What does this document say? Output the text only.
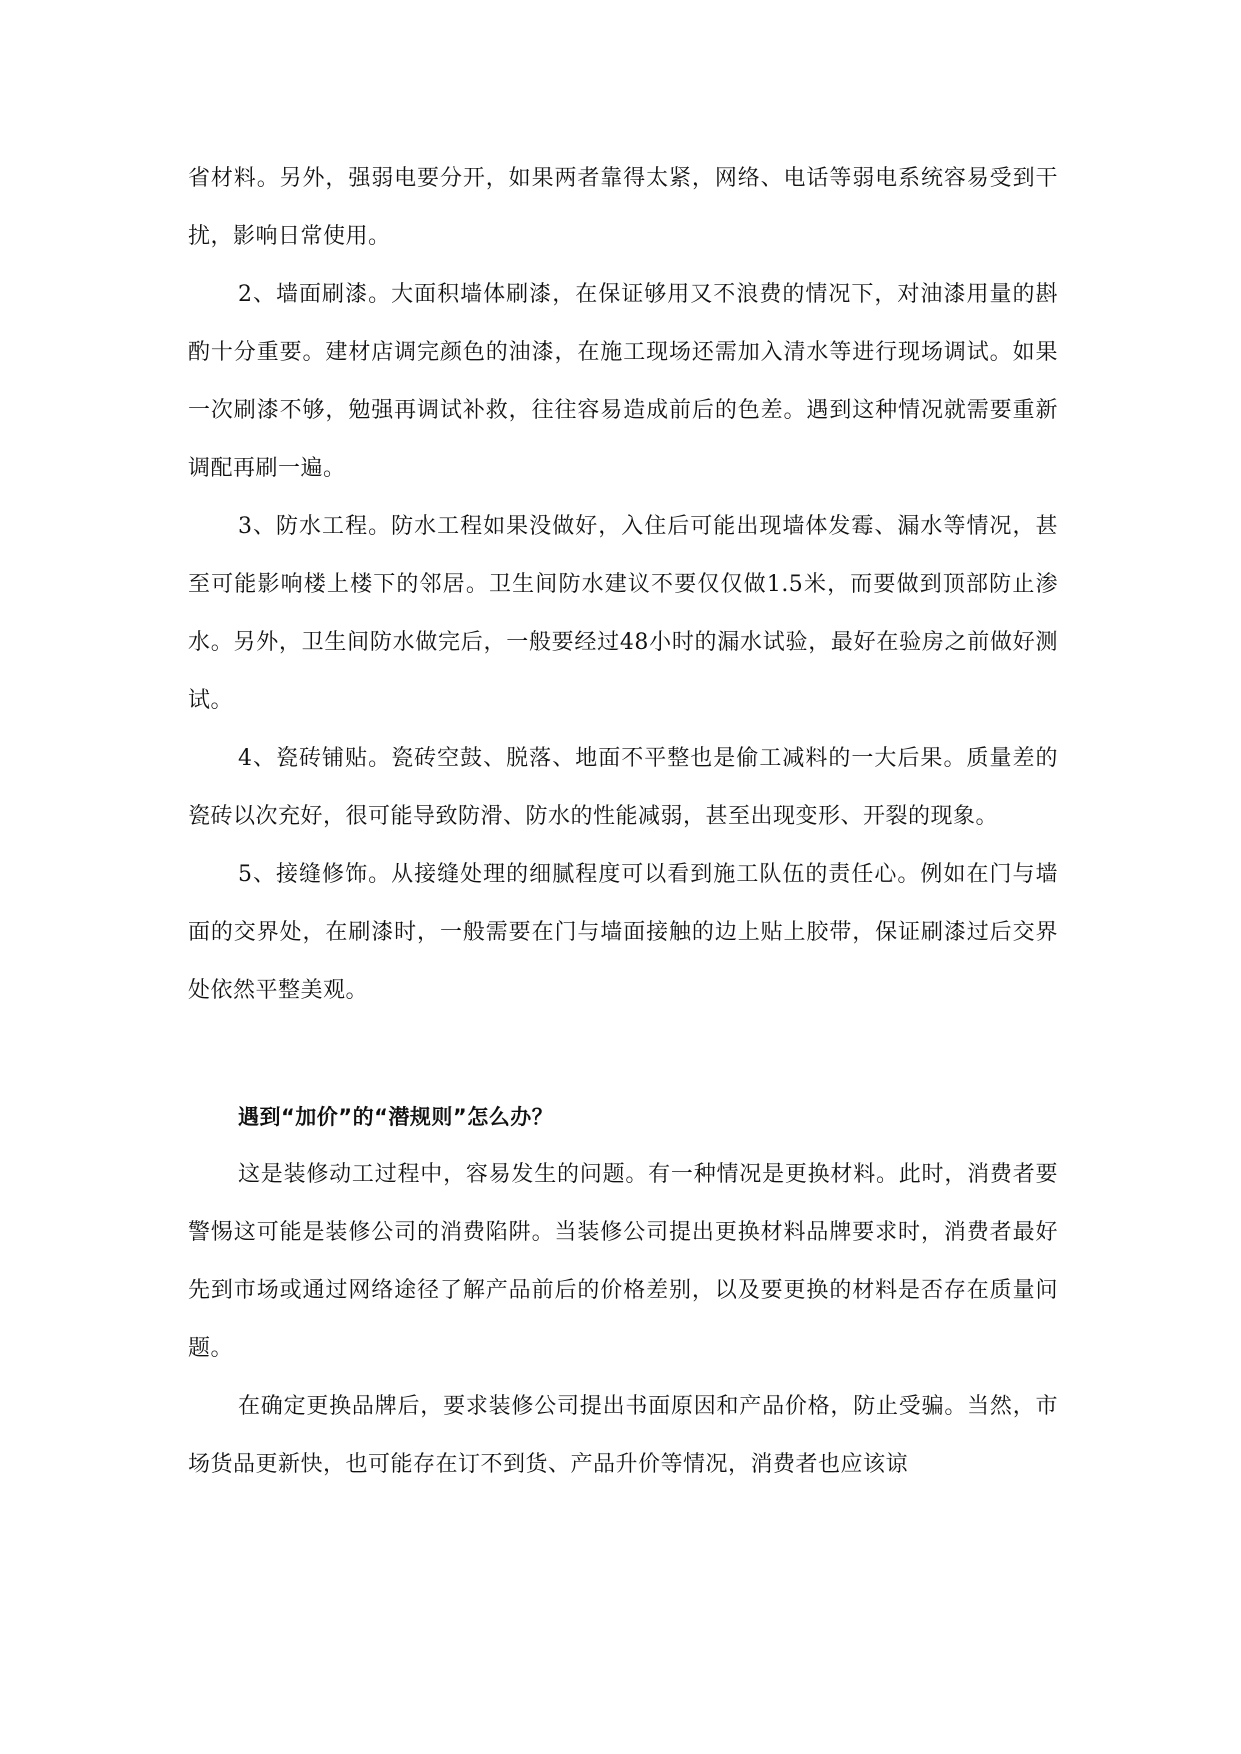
省材料。另外，强弱电要分开，如果两者靠得太紧，网络、电话等弱电系统容易受到干扰，影响日常使用。

2、墙面刷漆。大面积墙体刷漆，在保证够用又不浪费的情况下，对油漆用量的斟酌十分重要。建材店调完颜色的油漆，在施工现场还需加入清水等进行现场调试。如果一次刷漆不够，勉强再调试补救，往往容易造成前后的色差。遇到这种情况就需要重新调配再刷一遍。

3、防水工程。防水工程如果没做好，入住后可能出现墙体发霉、漏水等情况，甚至可能影响楼上楼下的邻居。卫生间防水建议不要仅仅做1.5米，而要做到顶部防止渗水。另外，卫生间防水做完后，一般要经过48小时的漏水试验，最好在验房之前做好测试。

4、瓷砖铺贴。瓷砖空鼓、脱落、地面不平整也是偷工减料的一大后果。质量差的瓷砖以次充好，很可能导致防滑、防水的性能减弱，甚至出现变形、开裂的现象。

5、接缝修饰。从接缝处理的细腻程度可以看到施工队伍的责任心。例如在门与墙面的交界处，在刷漆时，一般需要在门与墙面接触的边上贴上胶带，保证刷漆过后交界处依然平整美观。

遇到“加价”的“潜规则”怎么办？

这是装修动工过程中，容易发生的问题。有一种情况是更换材料。此时，消费者要警惕这可能是装修公司的消费陷阱。当装修公司提出更换材料品牌要求时，消费者最好先到市场或通过网络途径了解产品前后的价格差别，以及要更换的材料是否存在质量问题。

在确定更换品牌后，要求装修公司提出书面原因和产品价格，防止受骗。当然，市场货品更新快，也可能存在订不到货、产品升价等情况，消费者也应该谅
